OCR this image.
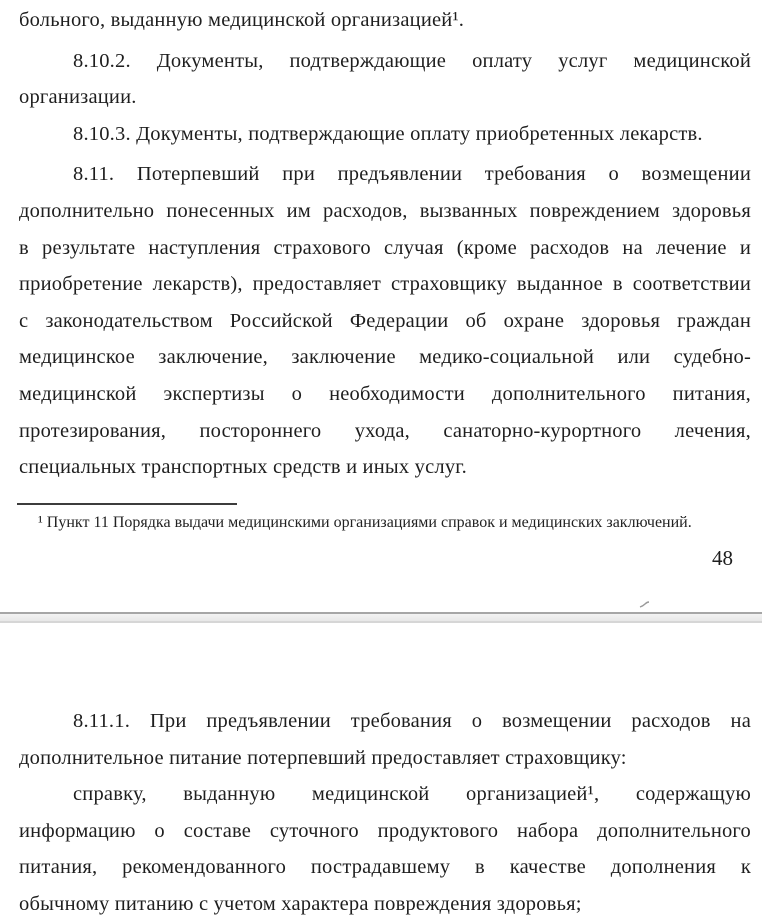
больного, выданную медицинской организацией¹.
8.10.2. Документы, подтверждающие оплату услуг медицинской
организации.
8.10.3. Документы, подтверждающие оплату приобретенных лекарств.
8.11. Потерпевший при предъявлении требования о возмещении
дополнительно понесенных им расходов, вызванных повреждением здоровья
в результате наступления страхового случая (кроме расходов на лечение и
приобретение лекарств), предоставляет страховщику выданное в соответствии
с законодательством Российской Федерации об охране здоровья граждан
медицинское заключение, заключение медико-социальной или судебно-
медицинской экспертизы о необходимости дополнительного питания,
протезирования, постороннего ухода, санаторно-курортного лечения,
специальных транспортных средств и иных услуг.
¹ Пункт 11 Порядка выдачи медицинскими организациями справок и медицинских заключений.
48
8.11.1. При предъявлении требования о возмещении расходов на
дополнительное питание потерпевший предоставляет страховщику:
справку, выданную медицинской организацией¹, содержащую
информацию о составе суточного продуктового набора дополнительного
питания, рекомендованного пострадавшему в качестве дополнения к
обычному питанию с учетом характера повреждения здоровья;
